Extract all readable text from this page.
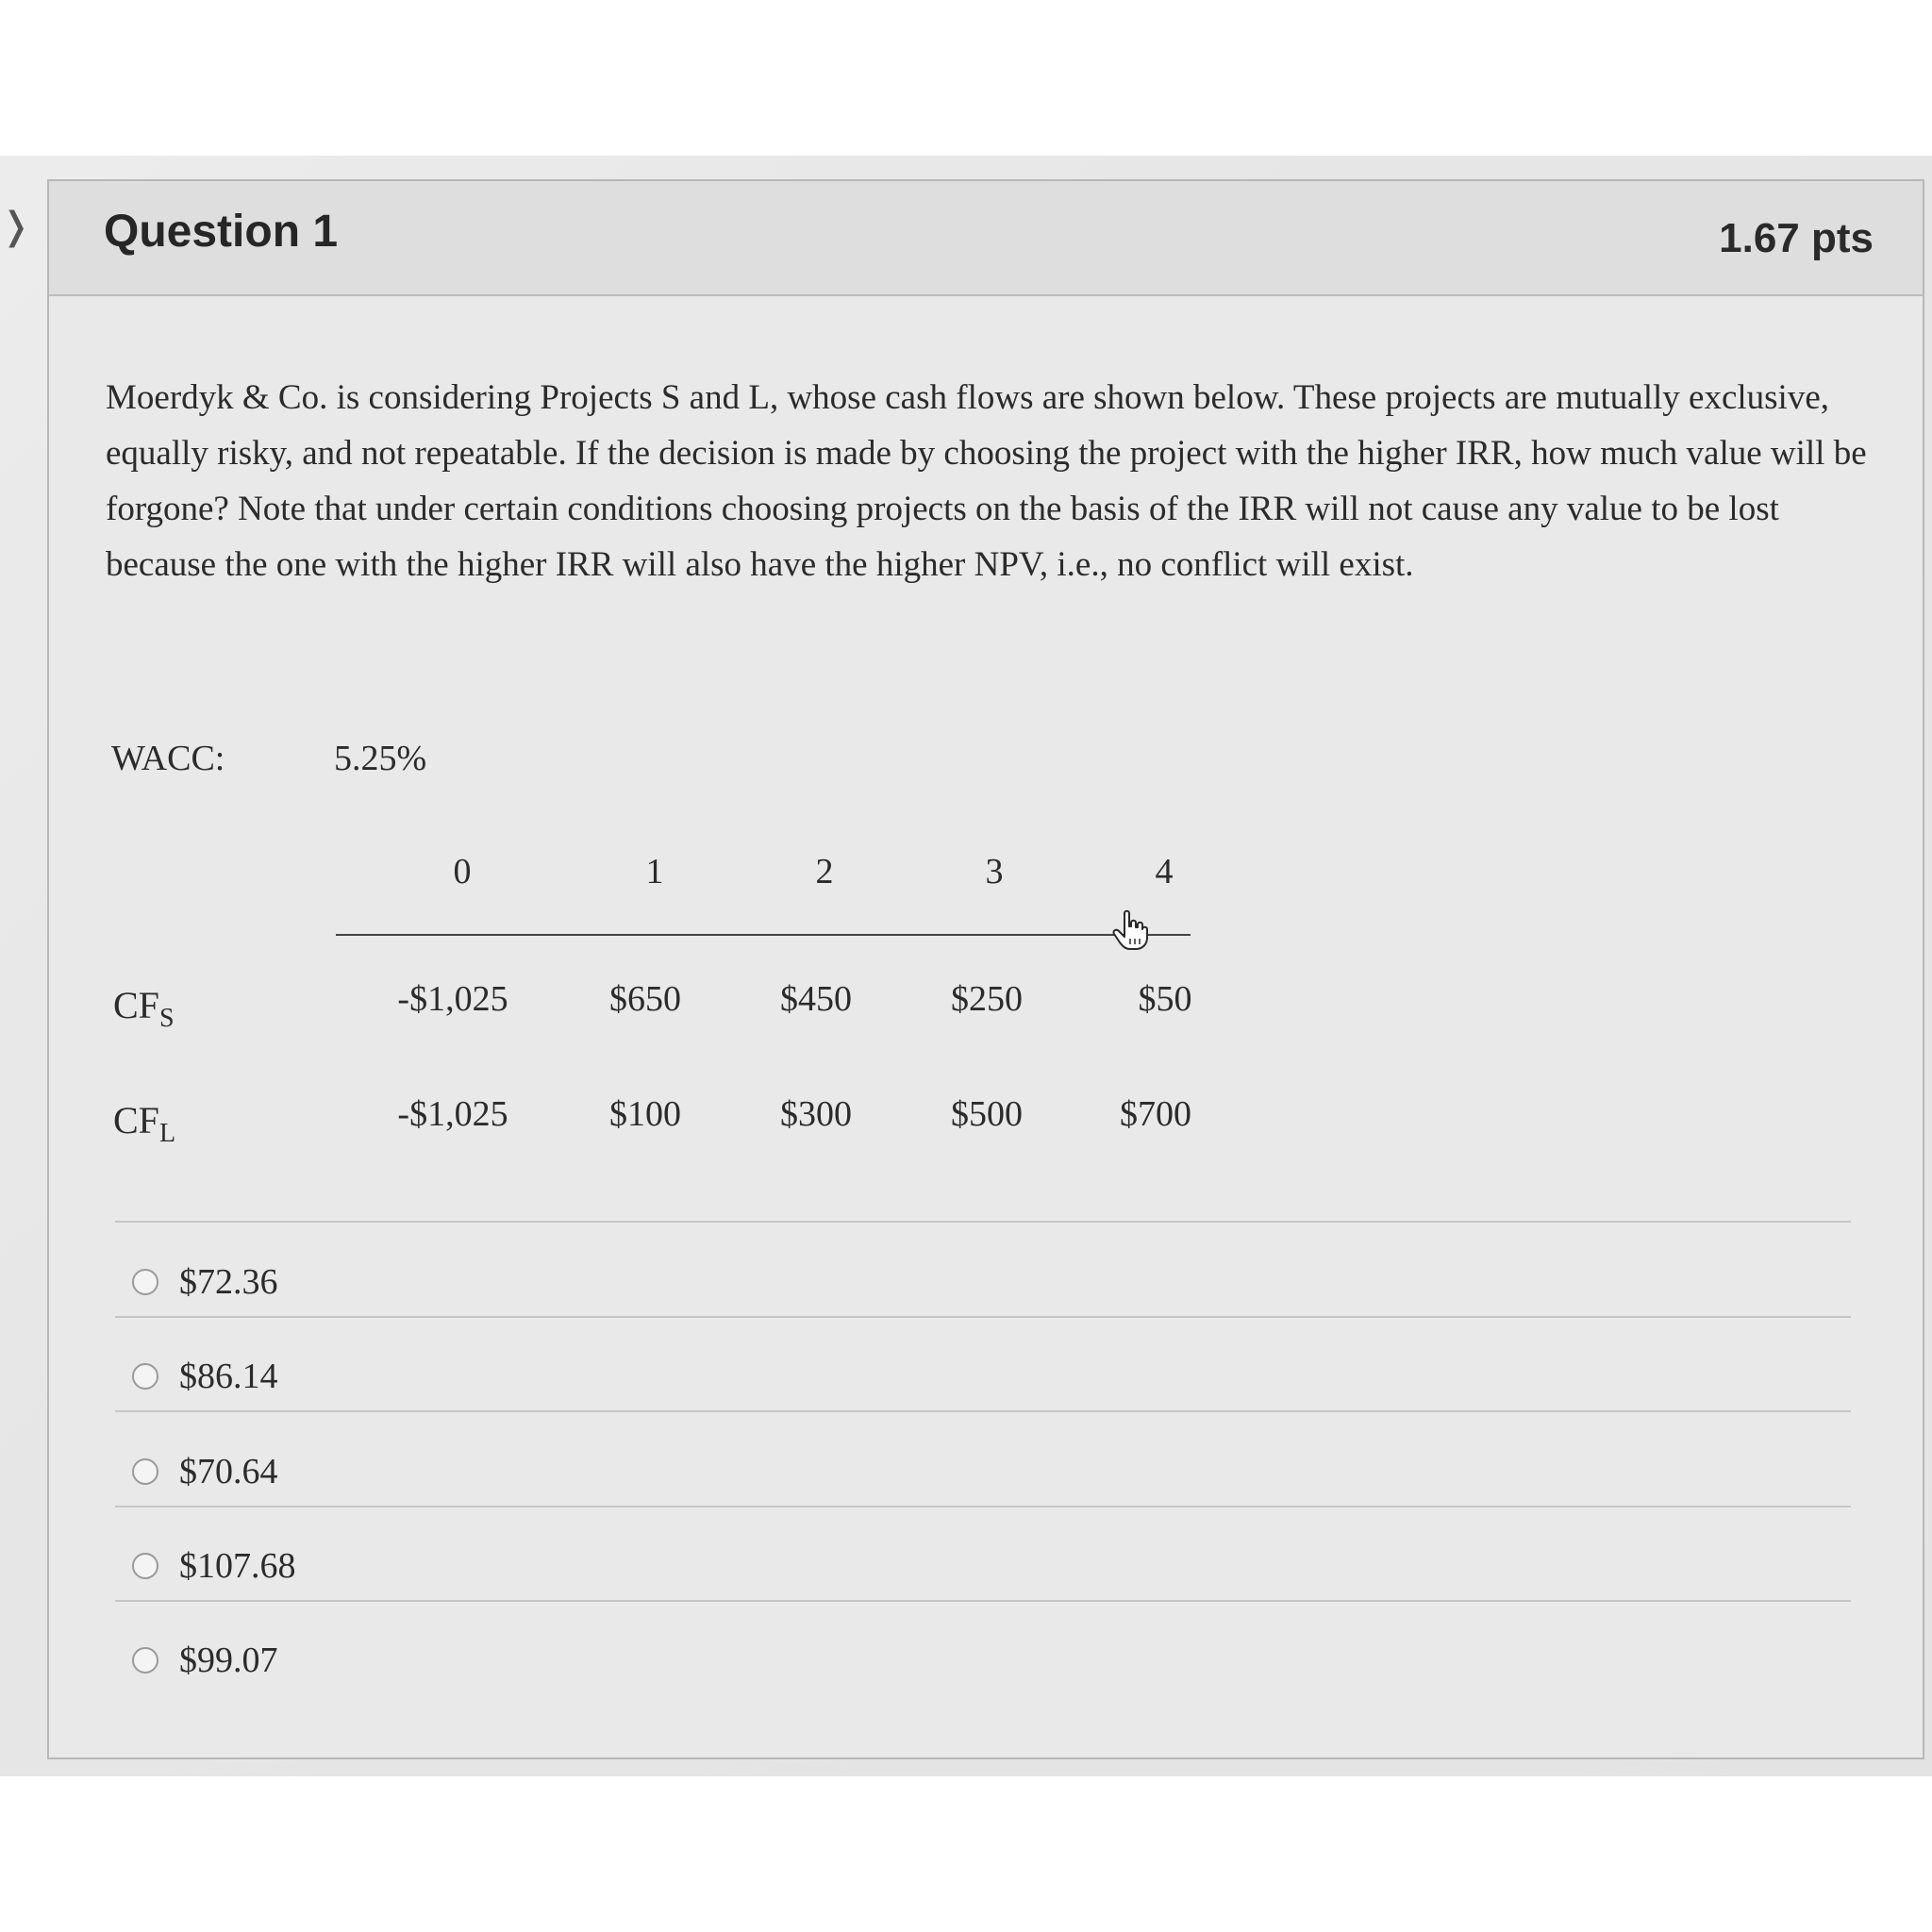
❭ Question 1	1.67 pts
Moerdyk & Co. is considering Projects S and L, whose cash flows are shown below. These projects are mutually exclusive, equally risky, and not repeatable. If the decision is made by choosing the project with the higher IRR, how much value will be forgone? Note that under certain conditions choosing projects on the basis of the IRR will not cause any value to be lost because the one with the higher IRR will also have the higher NPV, i.e., no conflict will exist.
WACC:	5.25%
0	1	2	3	4
$CF_S$	-$1,025	$650	$450	$250	$50
$CF_L$	-$1,025	$100	$300	$500	$700
$72.36
$86.14
$70.64
$107.68
$99.07
